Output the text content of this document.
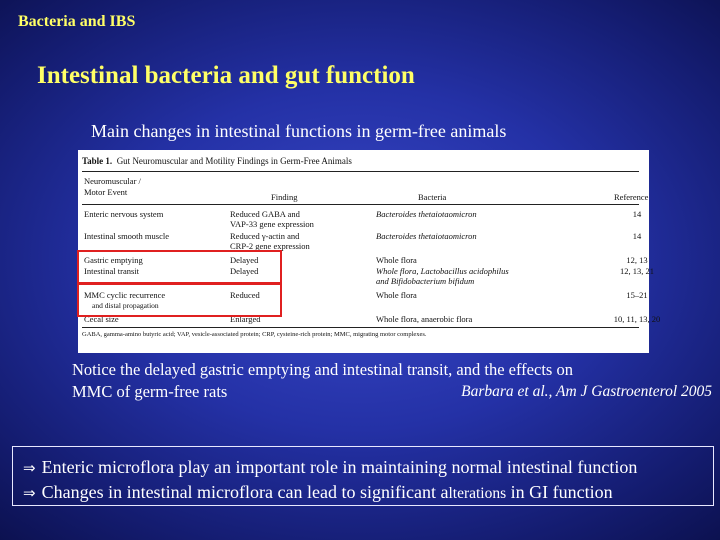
Bacteria and IBS
Intestinal bacteria and gut function
Main changes in intestinal functions in germ-free animals
Table 1. Gut Neuromuscular and Motility Findings in Germ-Free Animals
Neuromuscular /
Motor Event	Finding	Bacteria	Reference
Enteric nervous system	Reduced GABA and	Bacteroides thetaiotaomicron	14
VAP-33 gene expression
Intestinal smooth muscle	Reduced γ-actin and	Bacteroides thetaiotaomicron	14
CRP-2 gene expression
Gastric emptying	Delayed	Whole flora	12, 13
Intestinal transit	Delayed	Whole flora, Lactobacillus acidophilus	12, 13, 21
and Bifidobacterium bifidum
MMC cyclic recurrence	Reduced	Whole flora	15–21
and distal propagation
Cecal size	Enlarged	Whole flora, anaerobic flora	10, 11, 13, 20
GABA, gamma-amino butyric acid; VAP, vesicle-associated protein; CRP, cysteine-rich protein; MMC, migrating motor complexes.
Notice the delayed gastric emptying and intestinal transit, and the effects on
MMC of germ-free rats	Barbara et al., Am J Gastroenterol 2005
⇒ Enteric microflora play an important role in maintaining normal intestinal function
⇒ Changes in intestinal microflora can lead to significant alterations in GI function
